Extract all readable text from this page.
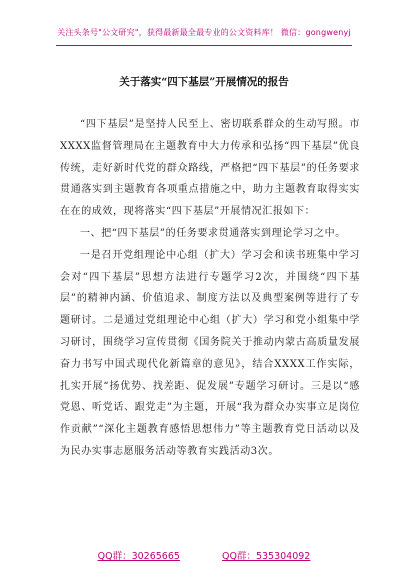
关注头条号"公文研究"，获得最新最全最专业的公文资料库！ 微信：gongwenyj
关于落实“四下基层”开展情况的报告

“四下基层”是坚持人民至上、密切联系群众的生动写照。市XXXX监督管理局在主题教育中大力传承和弘扬“四下基层”优良传统，走好新时代党的群众路线，严格把“四下基层”的任务要求贯通落实到主题教育各项重点措施之中，助力主题教育取得实实在在的成效，现将落实“四下基层”开展情况汇报如下：

一、把“四下基层”的任务要求贯通落实到理论学习之中。

一是召开党组理论中心组（扩大）学习会和读书班集中学习会对“四下基层”思想方法进行专题学习2次，并围绕“四下基层”的精神内涵、价值追求、制度方法以及典型案例等进行了专题研讨。二是通过党组理论中心组（扩大）学习和党小组集中学习研讨，围绕学习宣传贯彻《国务院关于推动内蒙古高质量发展奋力书写中国式现代化新篇章的意见》，结合XXXX工作实际，扎实开展“扬优势、找差距、促发展”专题学习研讨。三是以“感党恩、听党话、跟党走”为主题，开展“我为群众办实事立足岗位作贡献”“深化主题教育感悟思想伟力”等主题教育党日活动以及为民办实事志愿服务活动等教育实践活动3次。

QQ群：30265665	QQ群：535304092
